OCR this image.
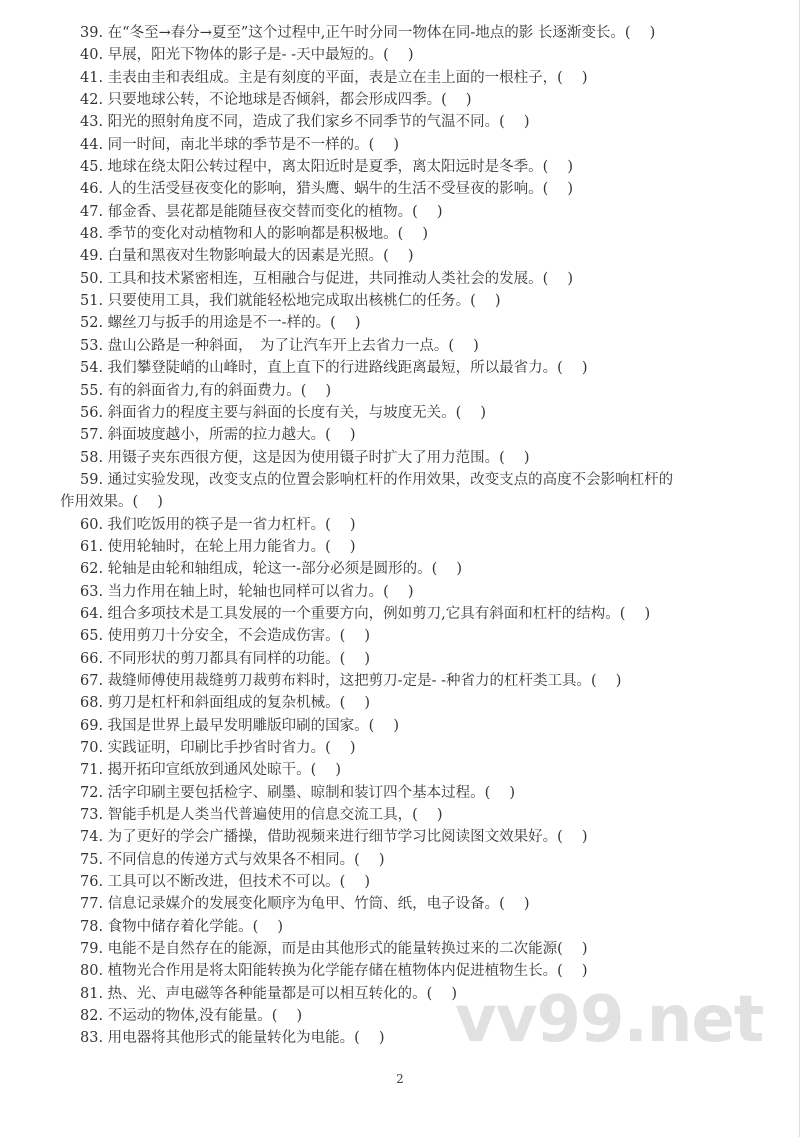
39. 在“冬至→春分→夏至”这个过程中,正午时分同一物体在同-地点的影 长逐渐变长。(　 )
40. 早展，阳光下物体的影子是- -天中最短的。(　 )
41. 圭表由圭和表组成。主是有刻度的平面，表是立在圭上面的一根柱子，(　 )
42. 只要地球公转，不论地球是否倾斜，都会形成四季。(　 )
43. 阳光的照射角度不同，造成了我们家乡不同季节的气温不同。(　 )
44. 同一时间，南北半球的季节是不一样的。(　 )
45. 地球在绕太阳公转过程中，离太阳近时是夏季，离太阳远时是冬季。(　 )
46. 人的生活受昼夜变化的影响，猎头鹰、蜗牛的生活不受昼夜的影响。(　 )
47. 郁金香、昙花都是能随昼夜交替而变化的植物。(　 )
48. 季节的变化对动植物和人的影响都是积极地。(　 )
49. 白量和黑夜对生物影响最大的因素是光照。(　 )
50. 工具和技术紧密相连，互相融合与促进，共同推动人类社会的发展。(　 )
51. 只要使用工具，我们就能轻松地完成取出核桃仁的任务。(　 )
52. 螺丝刀与扳手的用途是不一-样的。(　 )
53. 盘山公路是一种斜面，　为了让汽车开上去省力一点。(　 )
54. 我们攀登陡峭的山峰时，直上直下的行进路线距离最短，所以最省力。(　 )
55. 有的斜面省力,有的斜面费力。(　 )
56. 斜面省力的程度主要与斜面的长度有关，与坡度无关。(　 )
57. 斜面坡度越小，所需的拉力越大。(　 )
58. 用镊子夹东西很方便，这是因为使用镊子时扩大了用力范围。(　 )
59. 通过实验发现，改变支点的位置会影响杠杆的作用效果，改变支点的高度不会影响杠杆的
作用效果。(　 )
60. 我们吃饭用的筷子是一省力杠杆。(　 )
61. 使用轮轴时，在轮上用力能省力。(　 )
62. 轮轴是由轮和轴组成，轮这一-部分必须是圆形的。(　 )
63. 当力作用在轴上时，轮轴也同样可以省力。(　 )
64. 组合多项技术是工具发展的一个重要方向，例如剪刀,它具有斜面和杠杆的结构。(　 )
65. 使用剪刀十分安全，不会造成伤害。(　 )
66. 不同形状的剪刀都具有同样的功能。(　 )
67. 裁缝师傅使用裁缝剪刀裁剪布料时，这把剪刀-定是- -种省力的杠杆类工具。(　 )
68. 剪刀是杠杆和斜面组成的复杂机械。(　 )
69. 我国是世界上最早发明雕版印刷的国家。(　 )
70. 实践证明，印刷比手抄省时省力。(　 )
71. 揭开拓印宣纸放到通风处晾干。(　 )
72. 活字印刷主要包括检字、刷墨、晾制和装订四个基本过程。(　 )
73. 智能手机是人类当代普遍使用的信息交流工具，(　 )
74. 为了更好的学会广播操，借助视频来进行细节学习比阅读图文效果好。(　 )
75. 不同信息的传递方式与效果各不相同。(　 )
76. 工具可以不断改进，但技术不可以。(　 )
77. 信息记录媒介的发展变化顺序为龟甲、竹筒、纸，电子设备。(　 )
78. 食物中储存着化学能。(　 )
79. 电能不是自然存在的能源，而是由其他形式的能量转换过来的二次能源(　 )
80. 植物光合作用是将太阳能转换为化学能存储在植物体内促进植物生长。(　 )
81. 热、光、声电磁等各种能量都是可以相互转化的。(　 )
82. 不运动的物体,没有能量。(　 )
83. 用电器将其他形式的能量转化为电能。(　 )	vv99.net
2
